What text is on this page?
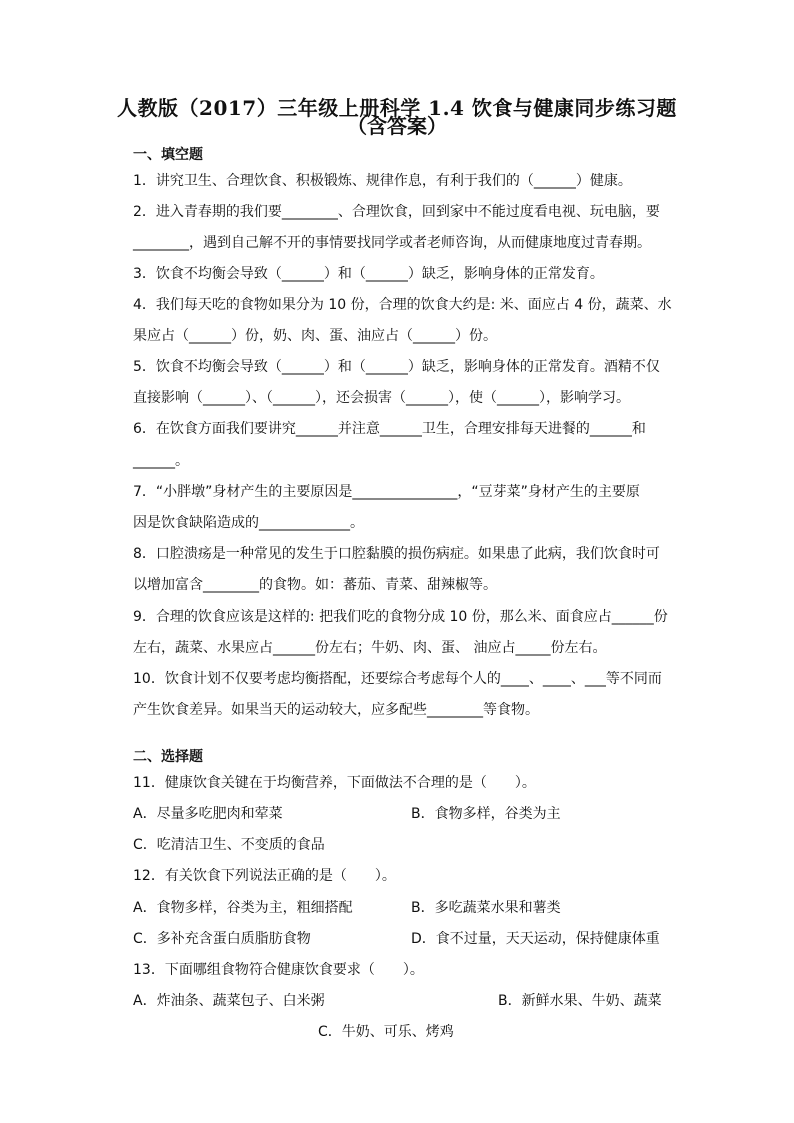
人教版（2017）三年级上册科学 1.4 饮食与健康同步练习题
（含答案）
一、填空题
1．讲究卫生、合理饮食、积极锻炼、规律作息，有利于我们的（______）健康。
2．进入青春期的我们要________、合理饮食，回到家中不能过度看电视、玩电脑，要
________，遇到自己解不开的事情要找同学或者老师咨询，从而健康地度过青春期。
3．饮食不均衡会导致（______）和（______）缺乏，影响身体的正常发育。
4．我们每天吃的食物如果分为 10 份，合理的饮食大约是: 米、面应占 4 份，蔬菜、水
果应占（______）份，奶、肉、蛋、油应占（______）份。
5．饮食不均衡会导致（______）和（______）缺乏，影响身体的正常发育。酒精不仅
直接影响（______）、（______），还会损害（______），使（______），影响学习。
6．在饮食方面我们要讲究______并注意______卫生，合理安排每天进餐的______和
______。
7．“小胖墩”身材产生的主要原因是_______________，“豆芽菜”身材产生的主要原
因是饮食缺陷造成的_____________。
8．口腔溃疡是一种常见的发生于口腔黏膜的损伤病症。如果患了此病，我们饮食时可
以增加富含________的食物。如：蕃茄、青菜、甜辣椒等。
9．合理的饮食应该是这样的: 把我们吃的食物分成 10 份，那么米、面食应占______份
左右，蔬菜、水果应占______份左右；牛奶、肉、蛋、 油应占_____份左右。
10．饮食计划不仅要考虑均衡搭配，还要综合考虑每个人的____、____、___等不同而
产生饮食差异。如果当天的运动较大，应多配些________等食物。
二、选择题
11．健康饮食关键在于均衡营养，下面做法不合理的是（　　）。
A．尽量多吃肥肉和荤菜	B．食物多样，谷类为主
C．吃清洁卫生、不变质的食品
12．有关饮食下列说法正确的是（　　）。
A．食物多样，谷类为主，粗细搭配	B．多吃蔬菜水果和薯类
C．多补充含蛋白质脂肪食物	D．食不过量，天天运动，保持健康体重
13．下面哪组食物符合健康饮食要求（　　）。
A．炸油条、蔬菜包子、白米粥	B．新鲜水果、牛奶、蔬菜
C．牛奶、可乐、烤鸡
